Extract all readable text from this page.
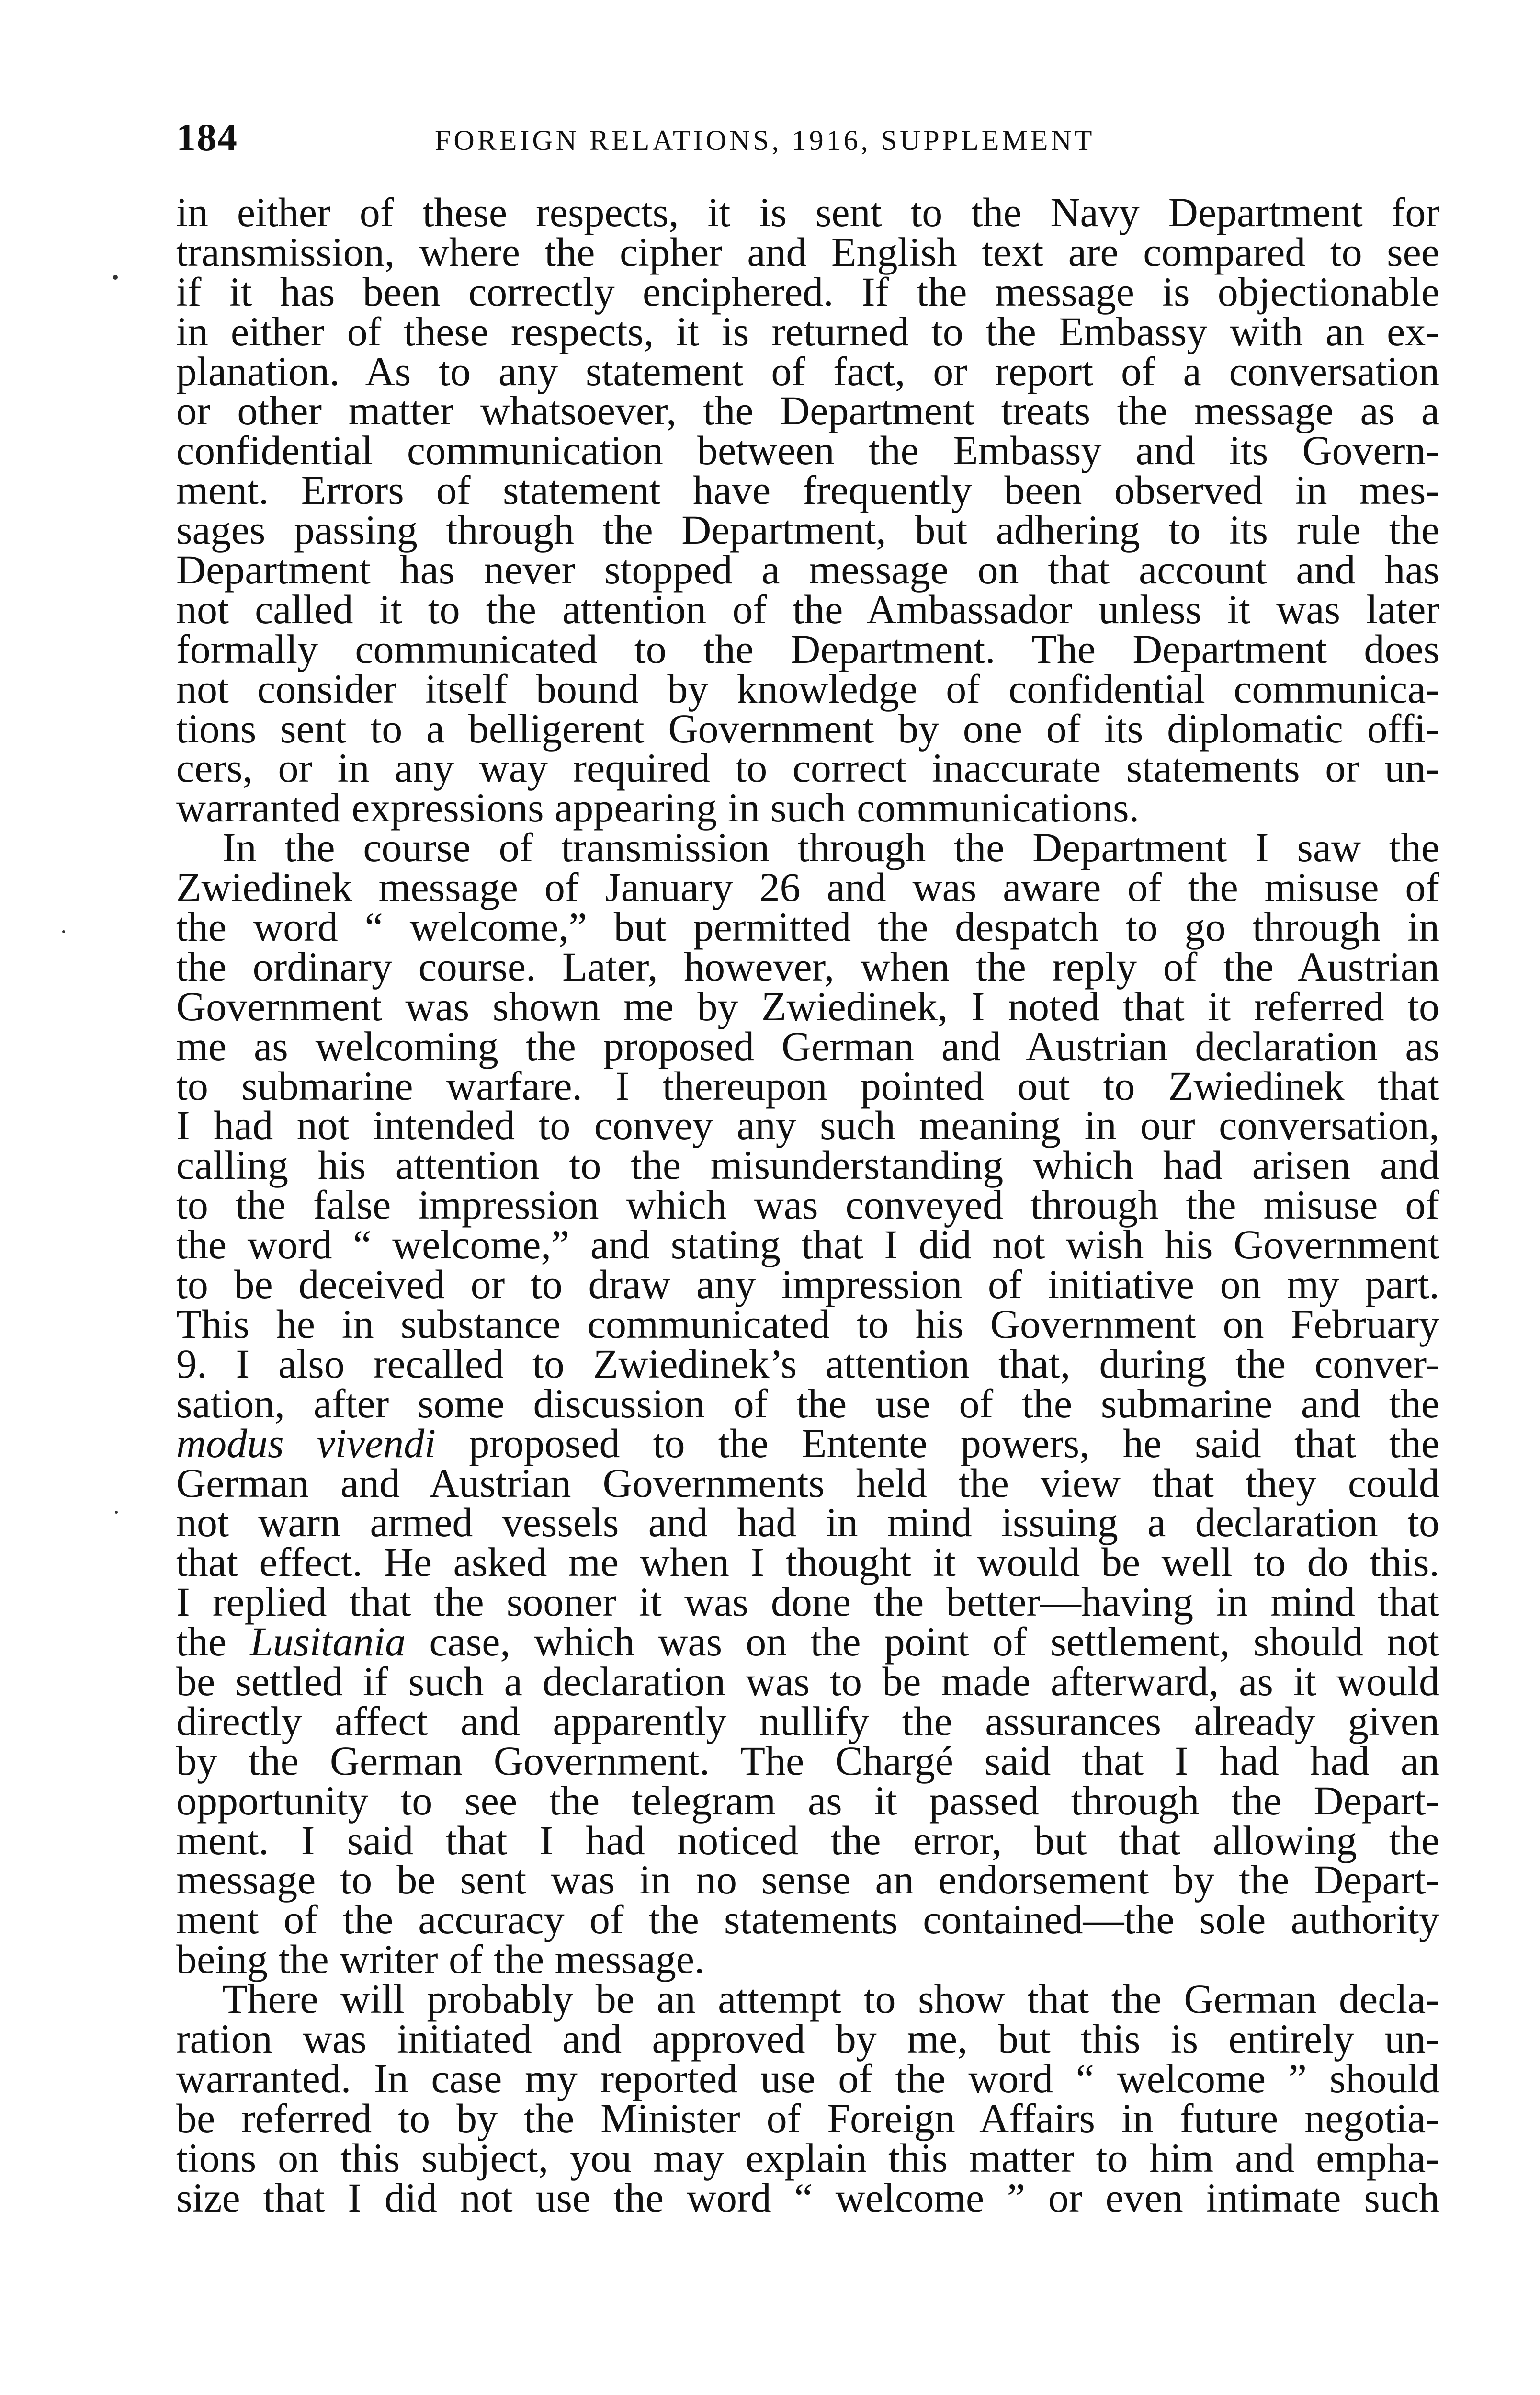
184	FOREIGN RELATIONS, 1916, SUPPLEMENT
in either of these respects, it is sent to the Navy Department for
transmission, where the cipher and English text are compared to see
if it has been correctly enciphered. If the message is objectionable
in either of these respects, it is returned to the Embassy with an ex-
planation. As to any statement of fact, or report of a conversation
or other matter whatsoever, the Department treats the message as a
confidential communication between the Embassy and its Govern-
ment. Errors of statement have frequently been observed in mes-
sages passing through the Department, but adhering to its rule the
Department has never stopped a message on that account and has
not called it to the attention of the Ambassador unless it was later
formally communicated to the Department. The Department does
not consider itself bound by knowledge of confidential communica-
tions sent to a belligerent Government by one of its diplomatic offi-
cers, or in any way required to correct inaccurate statements or un-
warranted expressions appearing in such communications.
In the course of transmission through the Department I saw the
Zwiedinek message of January 26 and was aware of the misuse of
the word “ welcome,” but permitted the despatch to go through in
the ordinary course. Later, however, when the reply of the Austrian
Government was shown me by Zwiedinek, I noted that it referred to
me as welcoming the proposed German and Austrian declaration as
to submarine warfare. I thereupon pointed out to Zwiedinek that
I had not intended to convey any such meaning in our conversation,
calling his attention to the misunderstanding which had arisen and
to the false impression which was conveyed through the misuse of
the word “ welcome,” and stating that I did not wish his Government
to be deceived or to draw any impression of initiative on my part.
This he in substance communicated to his Government on February
9. I also recalled to Zwiedinek’s attention that, during the conver-
sation, after some discussion of the use of the submarine and the
modus vivendi proposed to the Entente powers, he said that the
German and Austrian Governments held the view that they could
not warn armed vessels and had in mind issuing a declaration to
that effect. He asked me when I thought it would be well to do this.
I replied that the sooner it was done the better—having in mind that
the Lusitania case, which was on the point of settlement, should not
be settled if such a declaration was to be made afterward, as it would
directly affect and apparently nullify the assurances already given
by the German Government. The Chargé said that I had had an
opportunity to see the telegram as it passed through the Depart-
ment. I said that I had noticed the error, but that allowing the
message to be sent was in no sense an endorsement by the Depart-
ment of the accuracy of the statements contained—the sole authority
being the writer of the message.
There will probably be an attempt to show that the German decla-
ration was initiated and approved by me, but this is entirely un-
warranted. In case my reported use of the word “ welcome ” should
be referred to by the Minister of Foreign Affairs in future negotia-
tions on this subject, you may explain this matter to him and empha-
size that I did not use the word “ welcome ” or even intimate such
